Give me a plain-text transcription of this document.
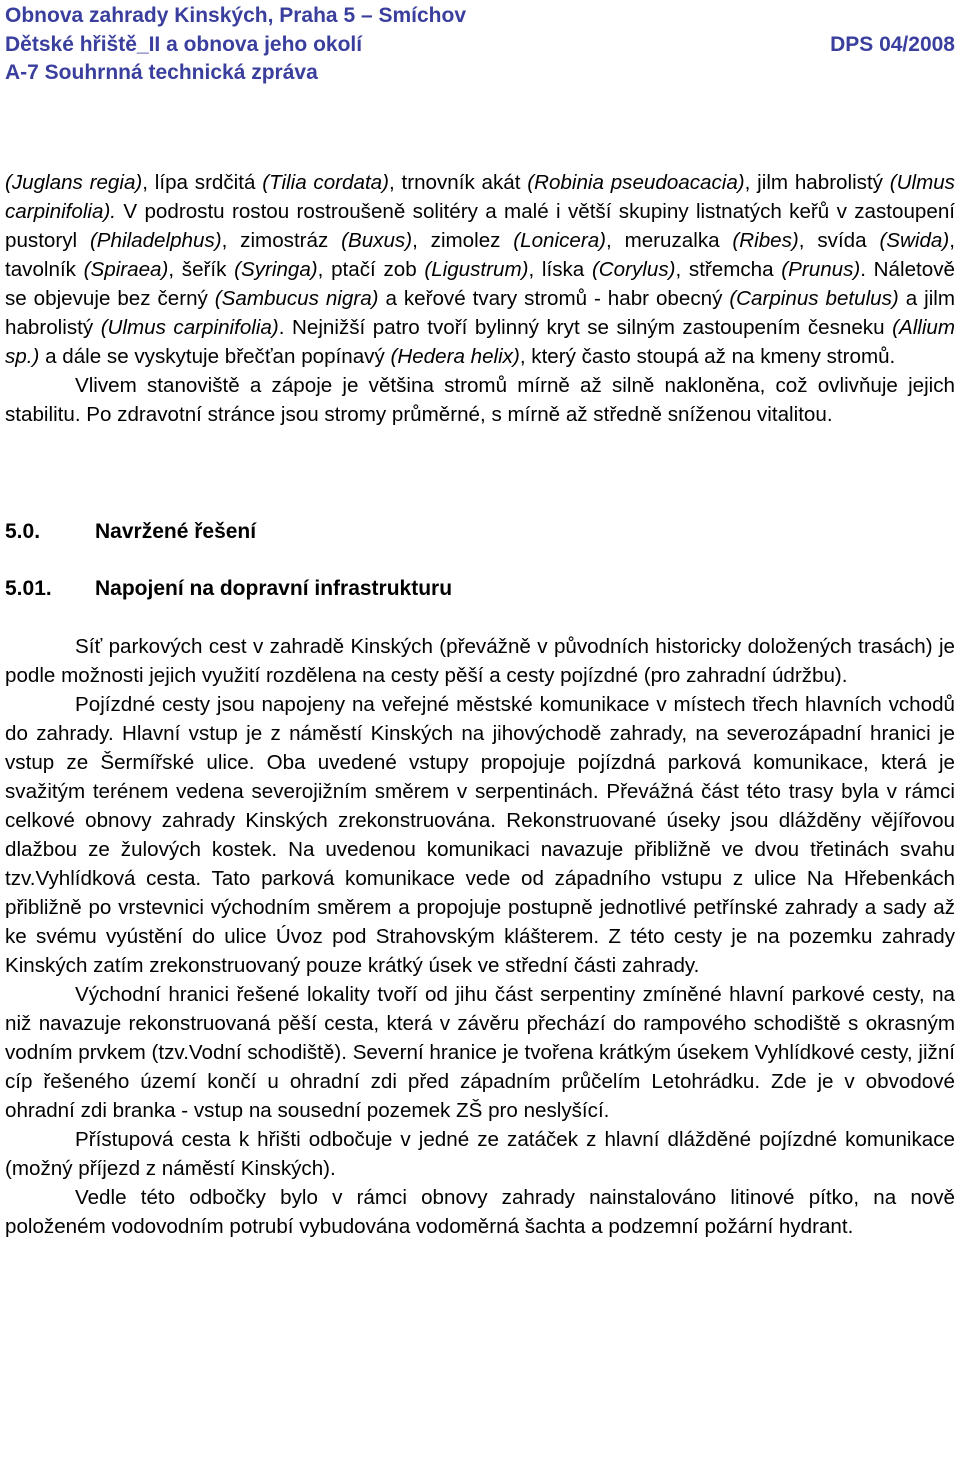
Obnova zahrady Kinských, Praha 5 – Smíchov
Dětské hřiště_II a obnova jeho okolí	DPS 04/2008
A-7 Souhrnná technická zpráva

(Juglans regia), lípa srdčitá (Tilia cordata), trnovník akát (Robinia pseudoacacia), jilm habrolistý (Ulmus carpinifolia). V podrostu rostou rostroušeně solitéry a malé i větší skupiny listnatých keřů v zastoupení pustoryl (Philadelphus), zimostráz (Buxus), zimolez (Lonicera), meruzalka (Ribes), svída (Swida), tavolník (Spiraea), šeřík (Syringa), ptačí zob (Ligustrum), líska (Corylus), střemcha (Prunus). Náletově se objevuje bez černý (Sambucus nigra) a keřové tvary stromů - habr obecný (Carpinus betulus) a jilm habrolistý (Ulmus carpinifolia). Nejnižší patro tvoří bylinný kryt se silným zastoupením česneku (Allium sp.) a dále se vyskytuje břečťan popínavý (Hedera helix), který často stoupá až na kmeny stromů.

Vlivem stanoviště a zápoje je většina stromů mírně až silně nakloněna, což ovlivňuje jejich stabilitu. Po zdravotní stránce jsou stromy průměrné, s mírně až středně sníženou vitalitou.

5.0.	Navržené řešení
5.01.	Napojení na dopravní infrastrukturu

Síť parkových cest v zahradě Kinských (převážně v původních historicky doložených trasách) je podle možnosti jejich využití rozdělena na cesty pěší a cesty pojízdné (pro zahradní údržbu).

Pojízdné cesty jsou napojeny na veřejné městské komunikace v místech třech hlavních vchodů do zahrady. Hlavní vstup je z náměstí Kinských na jihovýchodě zahrady, na severozápadní hranici je vstup ze Šermířské ulice. Oba uvedené vstupy propojuje pojízdná parková komunikace, která je svažitým terénem vedena severojižním směrem v serpentinách. Převážná část této trasy byla v rámci celkové obnovy zahrady Kinských zrekonstruována. Rekonstruované úseky jsou dlážděny vějířovou dlažbou ze žulových kostek. Na uvedenou komunikaci navazuje přibližně ve dvou třetinách svahu tzv.Vyhlídková cesta. Tato parková komunikace vede od západního vstupu z ulice Na Hřebenkách přibližně po vrstevnici východním směrem a propojuje postupně jednotlivé petřínské zahrady a sady až ke svému vyústění do ulice Úvoz pod Strahovským klášterem. Z této cesty je na pozemku zahrady Kinských zatím zrekonstruovaný pouze krátký úsek ve střední části zahrady.

Východní hranici řešené lokality tvoří od jihu část serpentiny zmíněné hlavní parkové cesty, na niž navazuje rekonstruovaná pěší cesta, která v závěru přechází do rampového schodiště s okrasným vodním prvkem (tzv.Vodní schodiště). Severní hranice je tvořena krátkým úsekem Vyhlídkové cesty, jižní cíp řešeného území končí u ohradní zdi před západním průčelím Letohrádku. Zde je v obvodové ohradní zdi branka - vstup na sousední pozemek ZŠ pro neslyšící.

Přístupová cesta k hřišti odbočuje v jedné ze zatáček z hlavní dlážděné pojízdné komunikace (možný příjezd z náměstí Kinských).

Vedle této odbočky bylo v rámci obnovy zahrady nainstalováno litinové pítko, na nově položeném vodovodním potrubí vybudována vodoměrná šachta a podzemní požární hydrant.
